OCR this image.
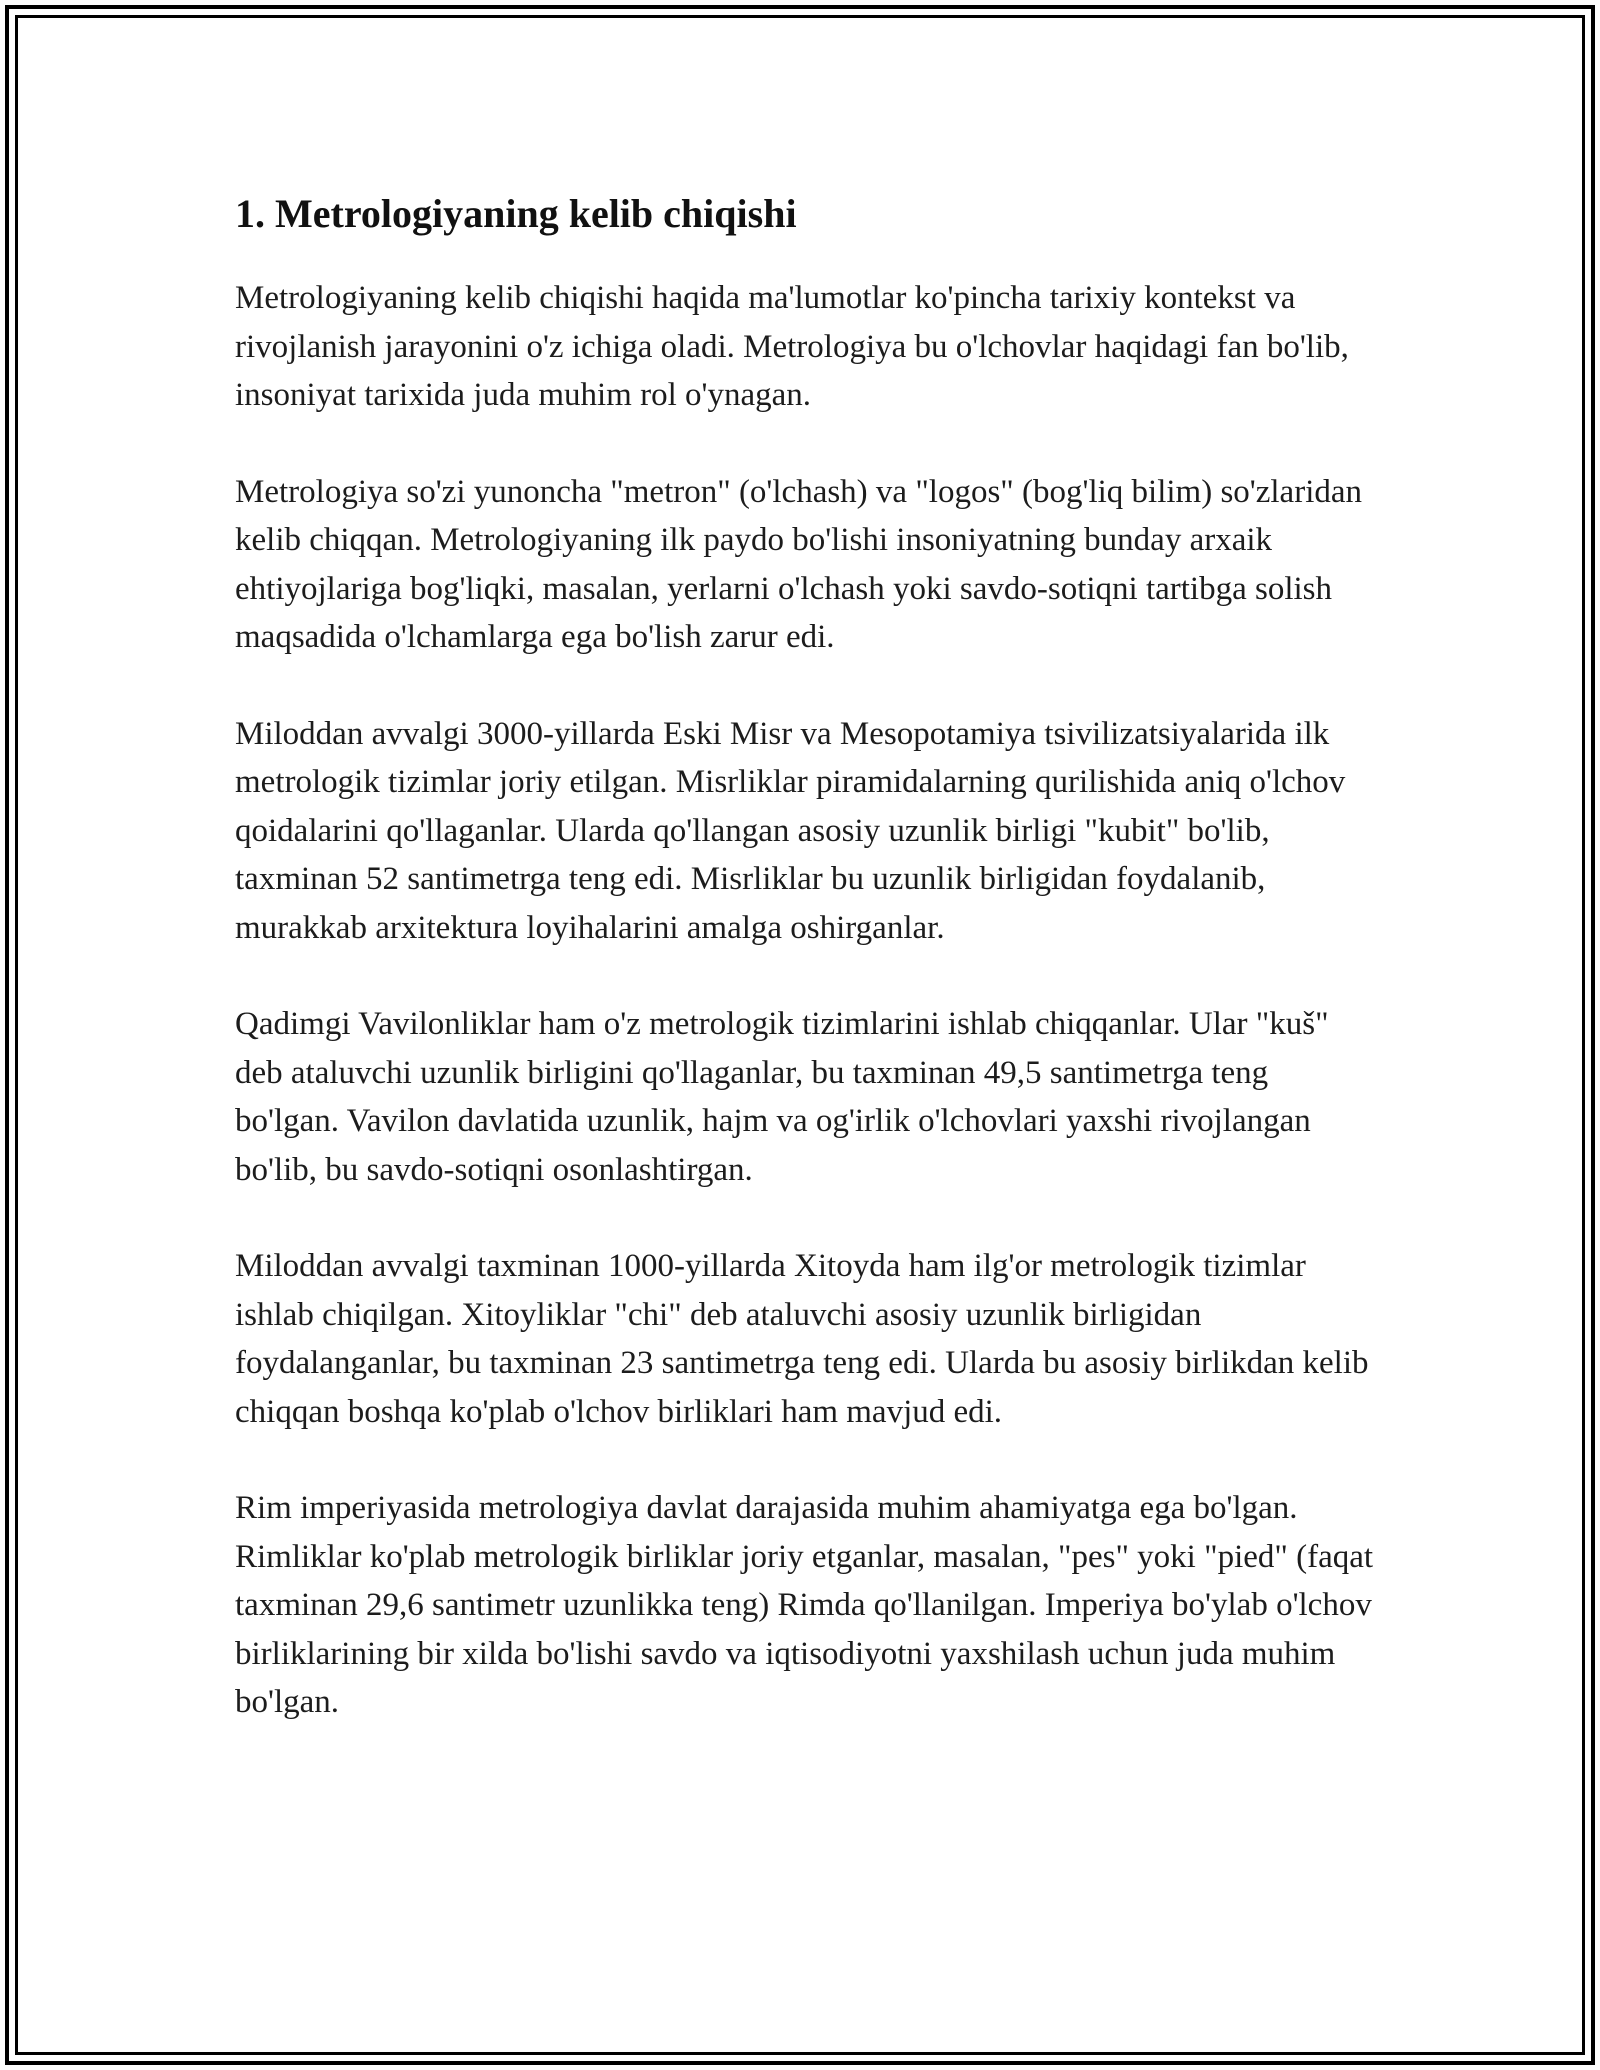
1. Metrologiyaning kelib chiqishi

Metrologiyaning kelib chiqishi haqida ma'lumotlar ko'pincha tarixiy kontekst va rivojlanish jarayonini o'z ichiga oladi. Metrologiya bu o'lchovlar haqidagi fan bo'lib, insoniyat tarixida juda muhim rol o'ynagan.

Metrologiya so'zi yunoncha "metron" (o'lchash) va "logos" (bog'liq bilim) so'zlaridan kelib chiqqan. Metrologiyaning ilk paydo bo'lishi insoniyatning bunday arxaik ehtiyojlariga bog'liqki, masalan, yerlarni o'lchash yoki savdo-sotiqni tartibga solish maqsadida o'lchamlarga ega bo'lish zarur edi.

Miloddan avvalgi 3000-yillarda Eski Misr va Mesopotamiya tsivilizatsiyalarida ilk metrologik tizimlar joriy etilgan. Misrliklar piramidalarning qurilishida aniq o'lchov qoidalarini qo'llaganlar. Ularda qo'llangan asosiy uzunlik birligi "kubit" bo'lib, taxminan 52 santimetrga teng edi. Misrliklar bu uzunlik birligidan foydalanib, murakkab arxitektura loyihalarini amalga oshirganlar.

Qadimgi Vavilonliklar ham o'z metrologik tizimlarini ishlab chiqqanlar. Ular "kuš" deb ataluvchi uzunlik birligini qo'llaganlar, bu taxminan 49,5 santimetrga teng bo'lgan. Vavilon davlatida uzunlik, hajm va og'irlik o'lchovlari yaxshi rivojlangan bo'lib, bu savdo-sotiqni osonlashtirgan.

Miloddan avvalgi taxminan 1000-yillarda Xitoyda ham ilg'or metrologik tizimlar ishlab chiqilgan. Xitoyliklar "chi" deb ataluvchi asosiy uzunlik birligidan foydalanganlar, bu taxminan 23 santimetrga teng edi. Ularda bu asosiy birlikdan kelib chiqqan boshqa ko'plab o'lchov birliklari ham mavjud edi.

Rim imperiyasida metrologiya davlat darajasida muhim ahamiyatga ega bo'lgan. Rimliklar ko'plab metrologik birliklar joriy etganlar, masalan, "pes" yoki "pied" (faqat taxminan 29,6 santimetr uzunlikka teng) Rimda qo'llanilgan. Imperiya bo'ylab o'lchov birliklarining bir xilda bo'lishi savdo va iqtisodiyotni yaxshilash uchun juda muhim bo'lgan.
